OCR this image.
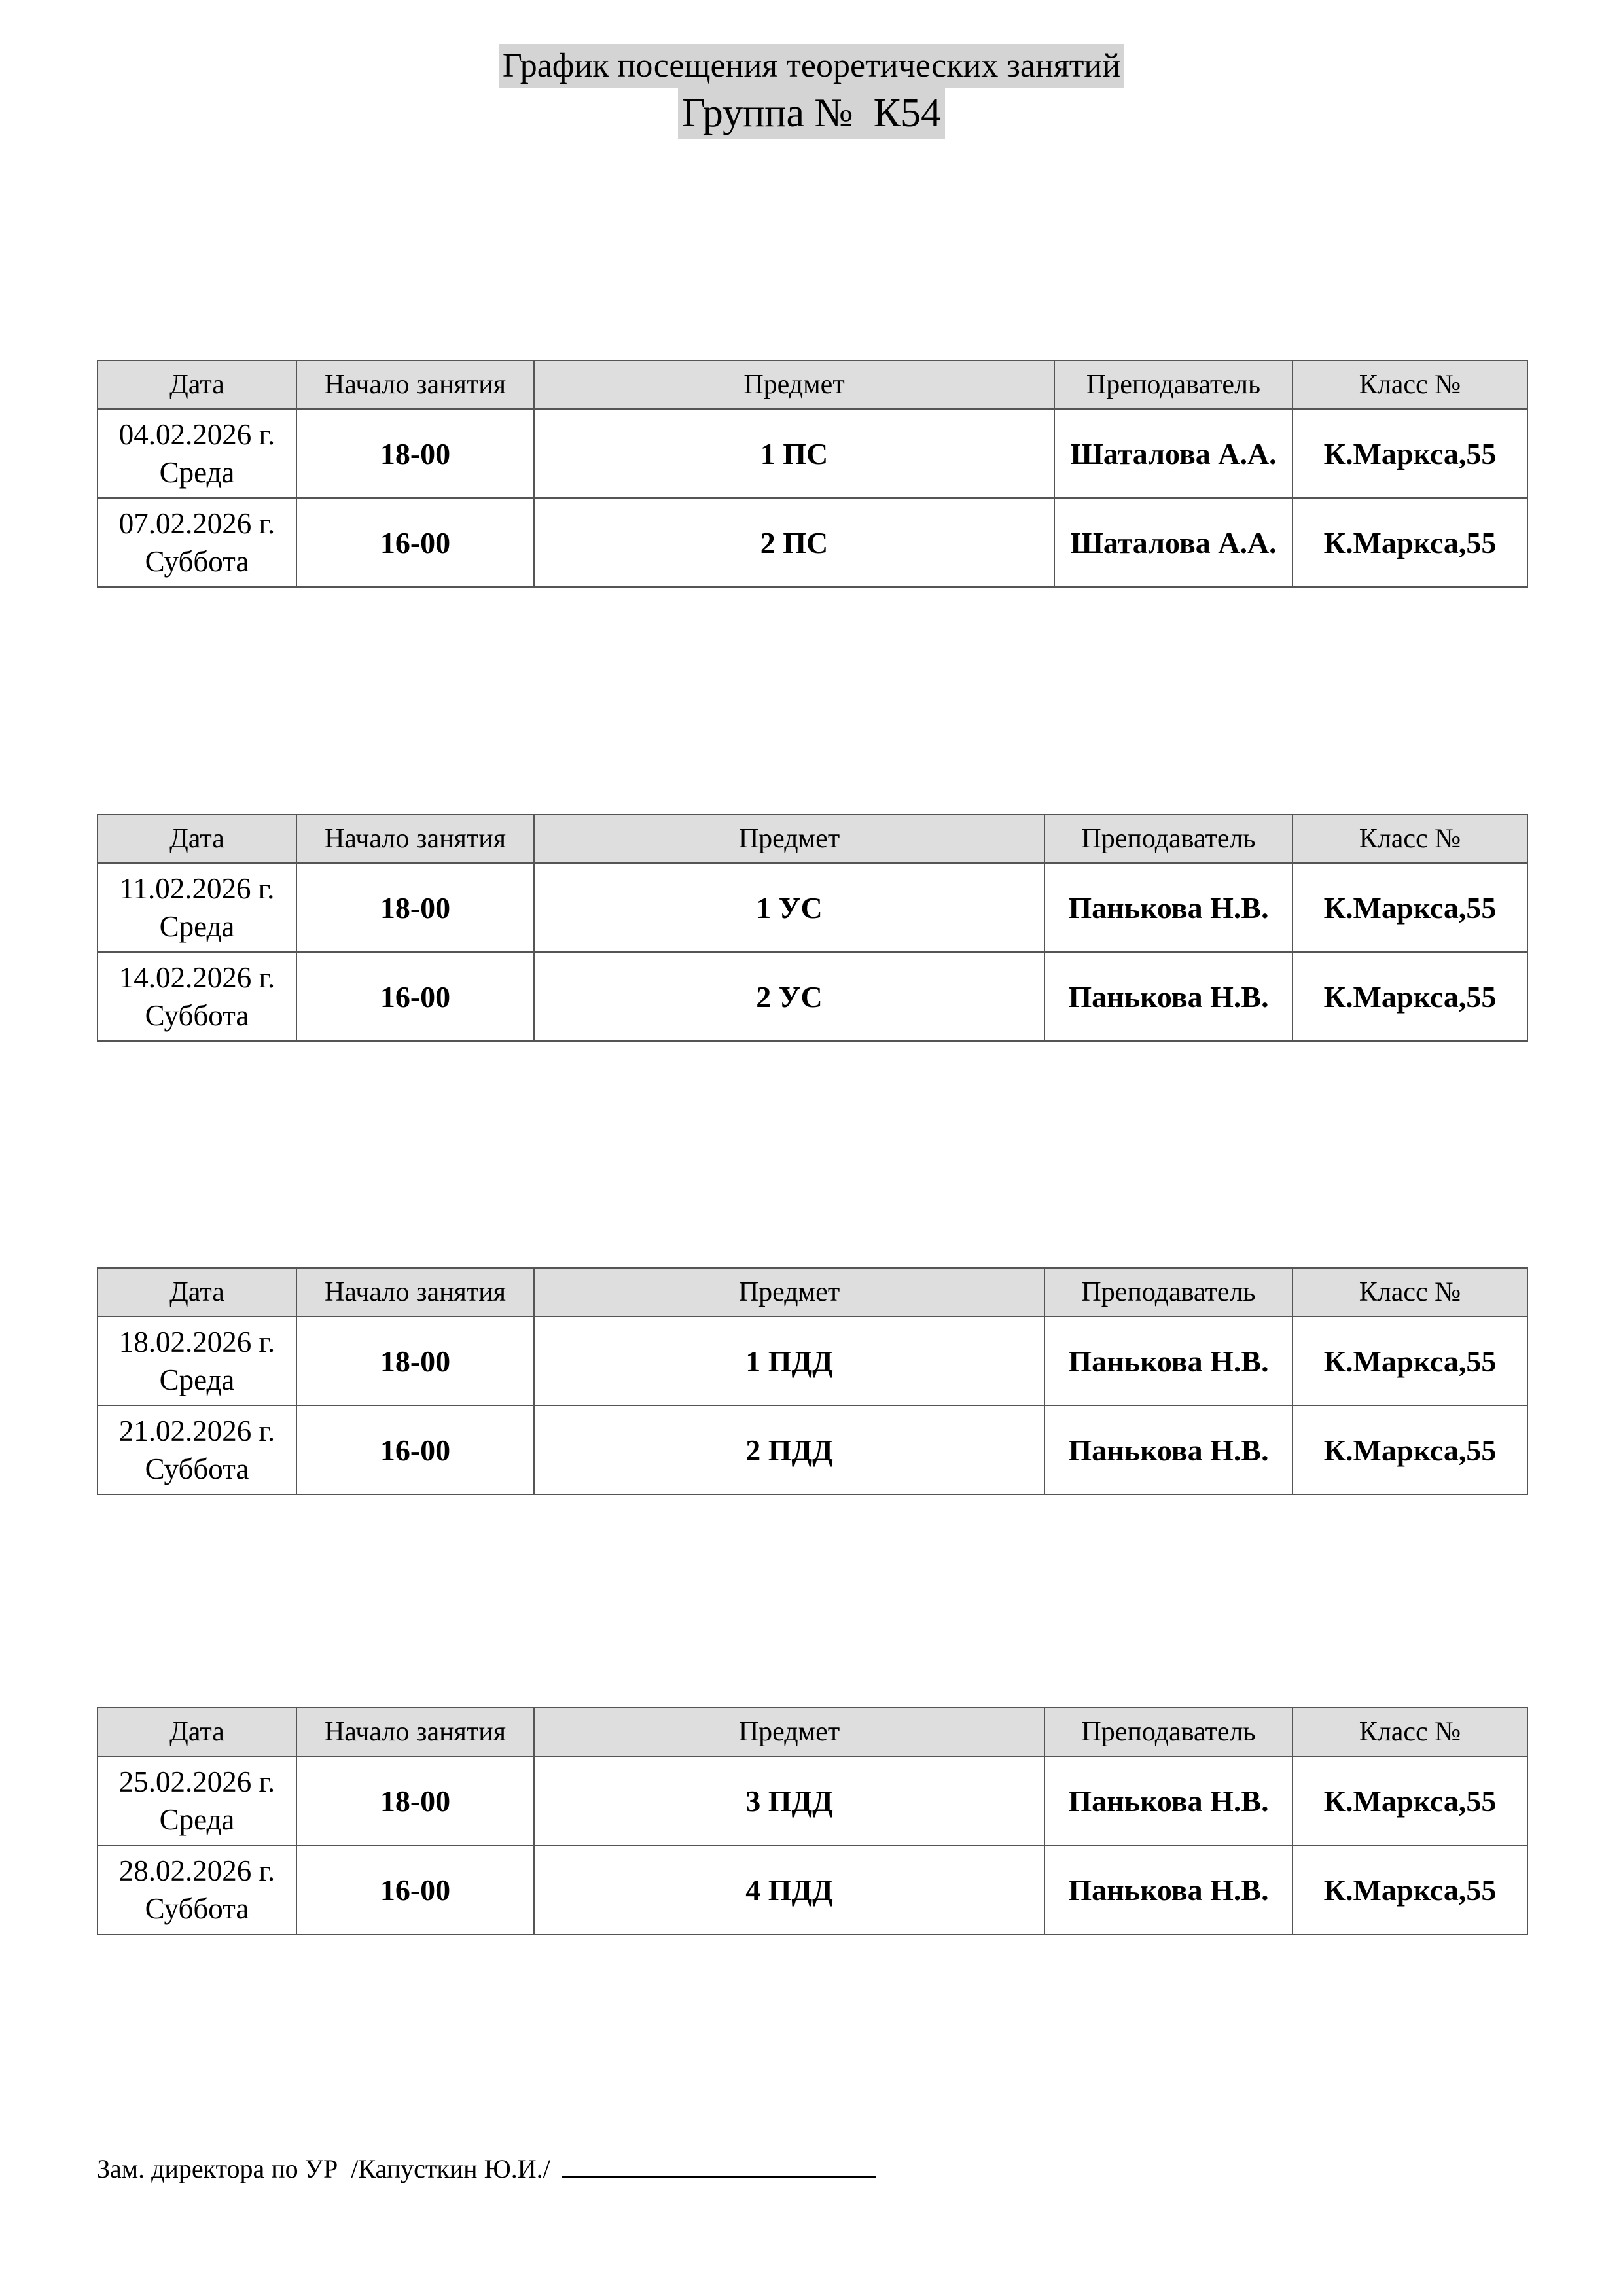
График посещения теоретических занятий
Группа №  К54
Дата	Начало занятия	Предмет	Преподаватель	Класс №
04.02.2026 г.
Среда	18-00	1 ПС	Шаталова А.А.	К.Маркса,55
07.02.2026 г.
Суббота	16-00	2 ПС	Шаталова А.А.	К.Маркса,55
Дата	Начало занятия	Предмет	Преподаватель	Класс №
11.02.2026 г.
Среда	18-00	1 УС	Панькова Н.В.	К.Маркса,55
14.02.2026 г.
Суббота	16-00	2 УС	Панькова Н.В.	К.Маркса,55
Дата	Начало занятия	Предмет	Преподаватель	Класс №
18.02.2026 г.
Среда	18-00	1 ПДД	Панькова Н.В.	К.Маркса,55
21.02.2026 г.
Суббота	16-00	2 ПДД	Панькова Н.В.	К.Маркса,55
Дата	Начало занятия	Предмет	Преподаватель	Класс №
25.02.2026 г.
Среда	18-00	3 ПДД	Панькова Н.В.	К.Маркса,55
28.02.2026 г.
Суббота	16-00	4 ПДД	Панькова Н.В.	К.Маркса,55
Зам. директора по УР  /Капусткин Ю.И./
